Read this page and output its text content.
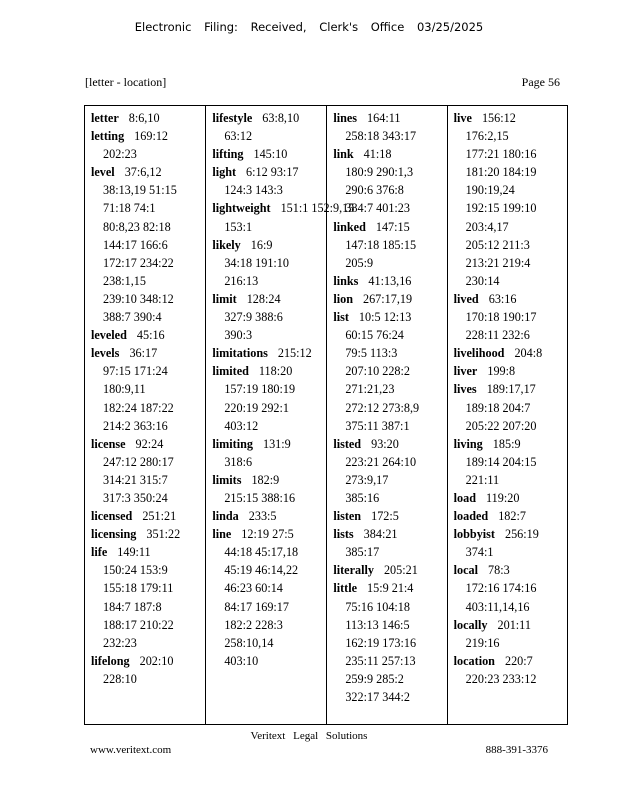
Electronic Filing: Received, Clerk's Office 03/25/2025
[letter - location]	Page 56
letter 8:6,10
letting 169:12
202:23
level 37:6,12
38:13,19 51:15
71:18 74:1
80:8,23 82:18
144:17 166:6
172:17 234:22
238:1,15
239:10 348:12
388:7 390:4
leveled 45:16
levels 36:17
97:15 171:24
180:9,11
182:24 187:22
214:2 363:16
license 92:24
247:12 280:17
314:21 315:7
317:3 350:24
licensed 251:21
licensing 351:22
life 149:11
150:24 153:9
155:18 179:11
184:7 187:8
188:17 210:22
232:23
lifelong 202:10
228:10
lifestyle 63:8,10
63:12
lifting 145:10
light 6:12 93:17
124:3 143:3
lightweight 151:1 152:9,15
153:1
likely 16:9
34:18 191:10
216:13
limit 128:24
327:9 388:6
390:3
limitations 215:12
limited 118:20
157:19 180:19
220:19 292:1
403:12
limiting 131:9
318:6
limits 182:9
215:15 388:16
linda 233:5
line 12:19 27:5
44:18 45:17,18
45:19 46:14,22
46:23 60:14
84:17 169:17
182:2 228:3
258:10,14
403:10
lines 164:11
258:18 343:17
link 41:18
180:9 290:1,3
290:6 376:8
384:7 401:23
linked 147:15
147:18 185:15
205:9
links 41:13,16
lion 267:17,19
list 10:5 12:13
60:15 76:24
79:5 113:3
207:10 228:2
271:21,23
272:12 273:8,9
375:11 387:1
listed 93:20
223:21 264:10
273:9,17
385:16
listen 172:5
lists 384:21
385:17
literally 205:21
little 15:9 21:4
75:16 104:18
113:13 146:5
162:19 173:16
235:11 257:13
259:9 285:2
322:17 344:2
live 156:12
176:2,15
177:21 180:16
181:20 184:19
190:19,24
192:15 199:10
203:4,17
205:12 211:3
213:21 219:4
230:14
lived 63:16
170:18 190:17
228:11 232:6
livelihood 204:8
liver 199:8
lives 189:17,17
189:18 204:7
205:22 207:20
living 185:9
189:14 204:15
221:11
load 119:20
loaded 182:7
lobbyist 256:19
374:1
local 78:3
172:16 174:16
403:11,14,16
locally 201:11
219:16
location 220:7
220:23 233:12
Veritext Legal Solutions
www.veritext.com	888-391-3376
